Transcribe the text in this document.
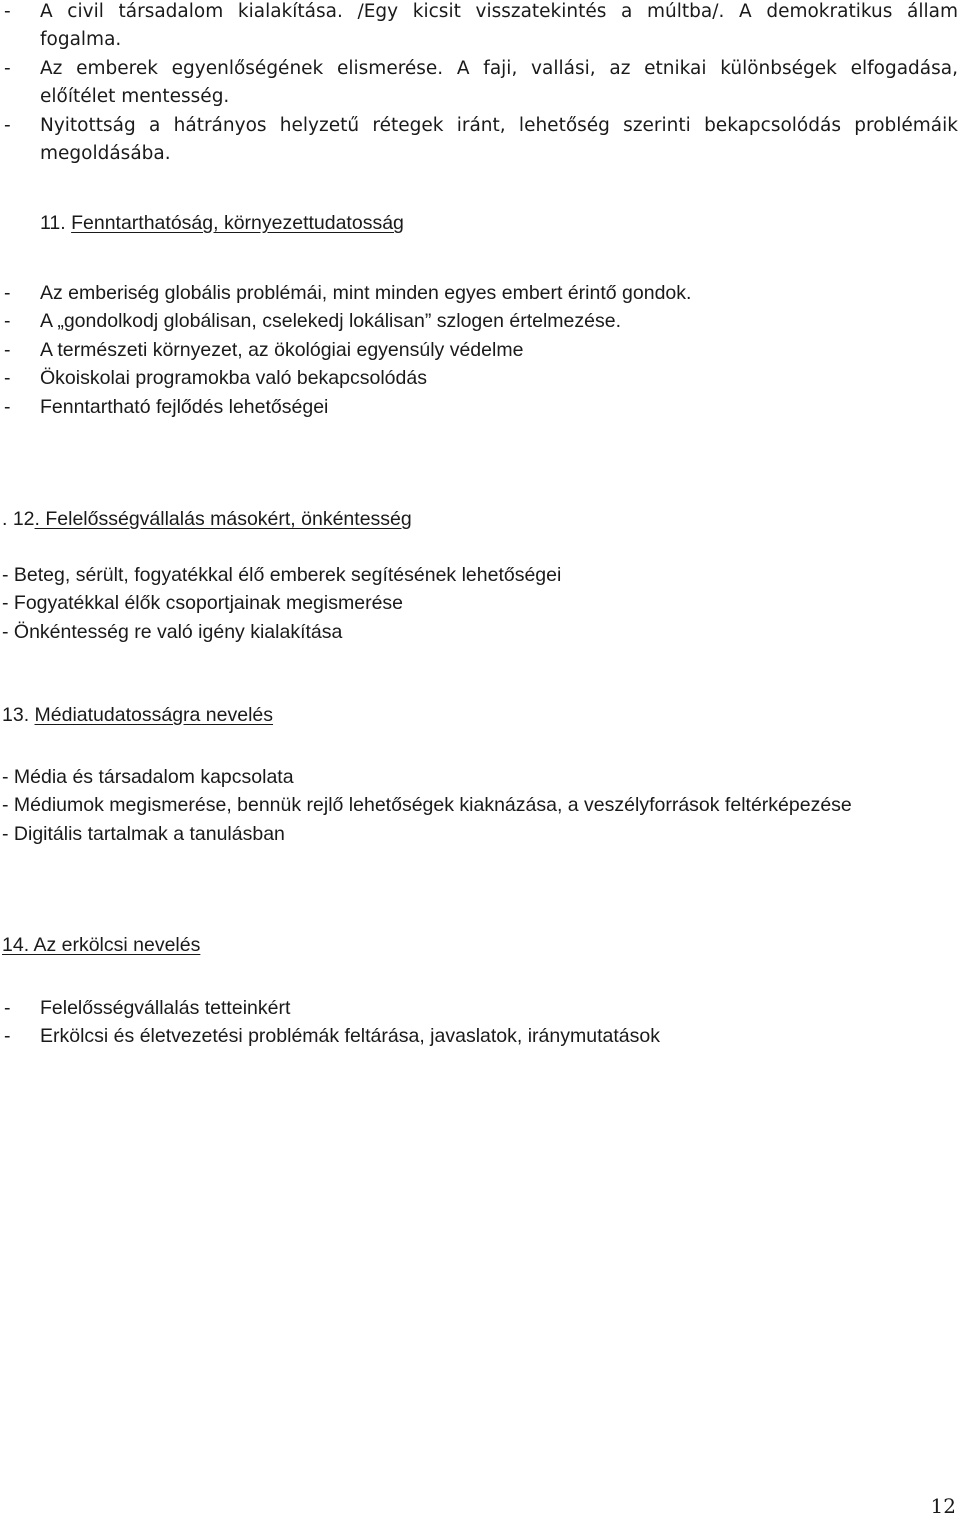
- A civil társadalom kialakítása. /Egy kicsit visszatekintés a múltba/. A demokratikus állam
fogalma.
- Az emberek egyenlőségének elismerése. A faji, vallási, az etnikai különbségek elfogadása,
előítélet mentesség.
- Nyitottság a hátrányos helyzetű rétegek iránt, lehetőség szerinti bekapcsolódás problémáik
megoldásába.
11. Fenntarthatóság, környezettudatosság
- Az emberiség globális problémái, mint minden egyes embert érintő gondok.
- A „gondolkodj globálisan, cselekedj lokálisan” szlogen értelmezése.
- A természeti környezet, az ökológiai egyensúly védelme
- Ökoiskolai programokba való bekapcsolódás
- Fenntartható fejlődés lehetőségei
. 12. Felelősségvállalás másokért, önkéntesség
- Beteg, sérült, fogyatékkal élő emberek segítésének lehetőségei
- Fogyatékkal élők csoportjainak megismerése
- Önkéntesség re való igény kialakítása
13. Médiatudatosságra nevelés
- Média és társadalom kapcsolata
- Médiumok megismerése, bennük rejlő lehetőségek kiaknázása, a veszélyforrások feltérképezése
- Digitális tartalmak a tanulásban
14. Az erkölcsi nevelés
- Felelősségvállalás tetteinkért
- Erkölcsi és életvezetési problémák feltárása, javaslatok, iránymutatások
12
